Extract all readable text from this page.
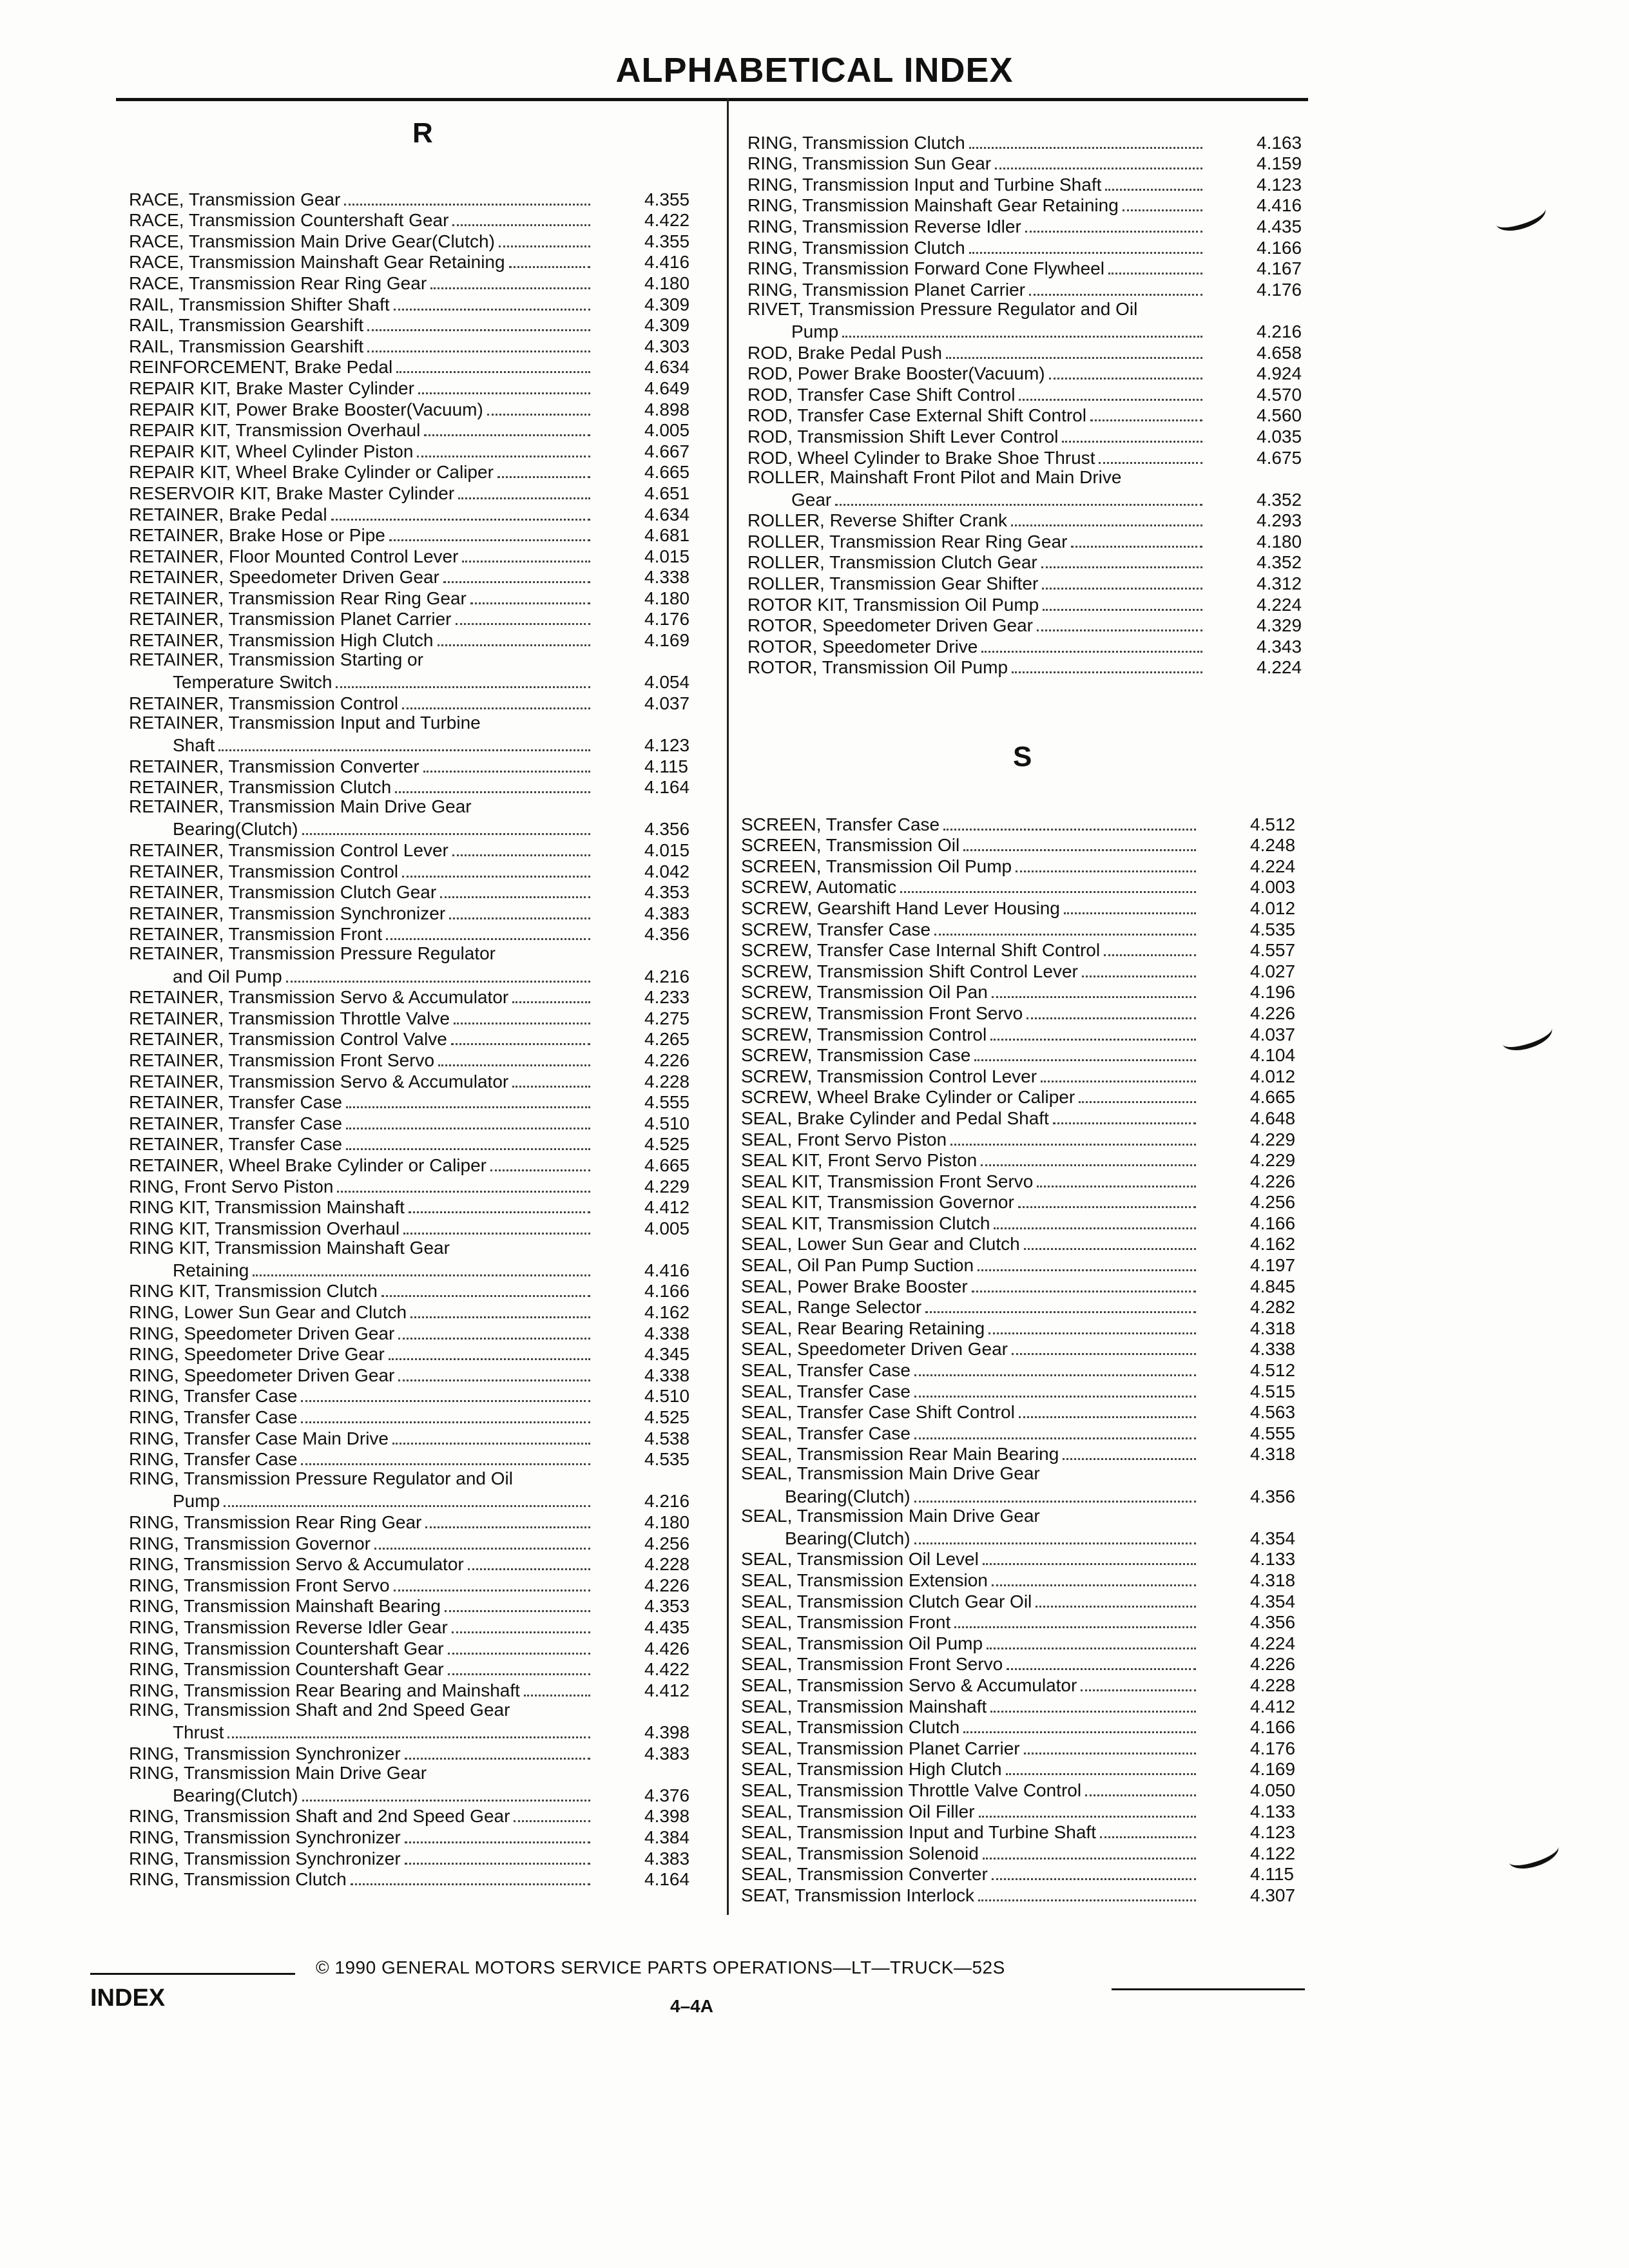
ALPHABETICAL INDEX
R
S
RACE, Transmission Gear	4.355
RACE, Transmission Countershaft Gear	4.422
RACE, Transmission Main Drive Gear(Clutch)	4.355
RACE, Transmission Mainshaft Gear Retaining	4.416
RACE, Transmission Rear Ring Gear	4.180
RAIL, Transmission Shifter Shaft	4.309
RAIL, Transmission Gearshift	4.309
RAIL, Transmission Gearshift	4.303
REINFORCEMENT, Brake Pedal	4.634
REPAIR KIT, Brake Master Cylinder	4.649
REPAIR KIT, Power Brake Booster(Vacuum)	4.898
REPAIR KIT, Transmission Overhaul	4.005
REPAIR KIT, Wheel Cylinder Piston	4.667
REPAIR KIT, Wheel Brake Cylinder or Caliper	4.665
RESERVOIR KIT, Brake Master Cylinder	4.651
RETAINER, Brake Pedal	4.634
RETAINER, Brake Hose or Pipe	4.681
RETAINER, Floor Mounted Control Lever	4.015
RETAINER, Speedometer Driven Gear	4.338
RETAINER, Transmission Rear Ring Gear	4.180
RETAINER, Transmission Planet Carrier	4.176
RETAINER, Transmission High Clutch	4.169
RETAINER, Transmission Starting or
Temperature Switch	4.054
RETAINER, Transmission Control	4.037
RETAINER, Transmission Input and Turbine
Shaft	4.123
RETAINER, Transmission Converter	4.115
RETAINER, Transmission Clutch	4.164
RETAINER, Transmission Main Drive Gear
Bearing(Clutch)	4.356
RETAINER, Transmission Control Lever	4.015
RETAINER, Transmission Control	4.042
RETAINER, Transmission Clutch Gear	4.353
RETAINER, Transmission Synchronizer	4.383
RETAINER, Transmission Front	4.356
RETAINER, Transmission Pressure Regulator
and Oil Pump	4.216
RETAINER, Transmission Servo & Accumulator	4.233
RETAINER, Transmission Throttle Valve	4.275
RETAINER, Transmission Control Valve	4.265
RETAINER, Transmission Front Servo	4.226
RETAINER, Transmission Servo & Accumulator	4.228
RETAINER, Transfer Case	4.555
RETAINER, Transfer Case	4.510
RETAINER, Transfer Case	4.525
RETAINER, Wheel Brake Cylinder or Caliper	4.665
RING, Front Servo Piston	4.229
RING KIT, Transmission Mainshaft	4.412
RING KIT, Transmission Overhaul	4.005
RING KIT, Transmission Mainshaft Gear
Retaining	4.416
RING KIT, Transmission Clutch	4.166
RING, Lower Sun Gear and Clutch	4.162
RING, Speedometer Driven Gear	4.338
RING, Speedometer Drive Gear	4.345
RING, Speedometer Driven Gear	4.338
RING, Transfer Case	4.510
RING, Transfer Case	4.525
RING, Transfer Case Main Drive	4.538
RING, Transfer Case	4.535
RING, Transmission Pressure Regulator and Oil
Pump	4.216
RING, Transmission Rear Ring Gear	4.180
RING, Transmission Governor	4.256
RING, Transmission Servo & Accumulator	4.228
RING, Transmission Front Servo	4.226
RING, Transmission Mainshaft Bearing	4.353
RING, Transmission Reverse Idler Gear	4.435
RING, Transmission Countershaft Gear	4.426
RING, Transmission Countershaft Gear	4.422
RING, Transmission Rear Bearing and Mainshaft	4.412
RING, Transmission Shaft and 2nd Speed Gear
Thrust	4.398
RING, Transmission Synchronizer	4.383
RING, Transmission Main Drive Gear
Bearing(Clutch)	4.376
RING, Transmission Shaft and 2nd Speed Gear	4.398
RING, Transmission Synchronizer	4.384
RING, Transmission Synchronizer	4.383
RING, Transmission Clutch	4.164
RING, Transmission Clutch	4.163
RING, Transmission Sun Gear	4.159
RING, Transmission Input and Turbine Shaft	4.123
RING, Transmission Mainshaft Gear Retaining	4.416
RING, Transmission Reverse Idler	4.435
RING, Transmission Clutch	4.166
RING, Transmission Forward Cone Flywheel	4.167
RING, Transmission Planet Carrier	4.176
RIVET, Transmission Pressure Regulator and Oil
Pump	4.216
ROD, Brake Pedal Push	4.658
ROD, Power Brake Booster(Vacuum)	4.924
ROD, Transfer Case Shift Control	4.570
ROD, Transfer Case External Shift Control	4.560
ROD, Transmission Shift Lever Control	4.035
ROD, Wheel Cylinder to Brake Shoe Thrust	4.675
ROLLER, Mainshaft Front Pilot and Main Drive
Gear	4.352
ROLLER, Reverse Shifter Crank	4.293
ROLLER, Transmission Rear Ring Gear	4.180
ROLLER, Transmission Clutch Gear	4.352
ROLLER, Transmission Gear Shifter	4.312
ROTOR KIT, Transmission Oil Pump	4.224
ROTOR, Speedometer Driven Gear	4.329
ROTOR, Speedometer Drive	4.343
ROTOR, Transmission Oil Pump	4.224
SCREEN, Transfer Case	4.512
SCREEN, Transmission Oil	4.248
SCREEN, Transmission Oil Pump	4.224
SCREW, Automatic	4.003
SCREW, Gearshift Hand Lever Housing	4.012
SCREW, Transfer Case	4.535
SCREW, Transfer Case Internal Shift Control	4.557
SCREW, Transmission Shift Control Lever	4.027
SCREW, Transmission Oil Pan	4.196
SCREW, Transmission Front Servo	4.226
SCREW, Transmission Control	4.037
SCREW, Transmission Case	4.104
SCREW, Transmission Control Lever	4.012
SCREW, Wheel Brake Cylinder or Caliper	4.665
SEAL, Brake Cylinder and Pedal Shaft	4.648
SEAL, Front Servo Piston	4.229
SEAL KIT, Front Servo Piston	4.229
SEAL KIT, Transmission Front Servo	4.226
SEAL KIT, Transmission Governor	4.256
SEAL KIT, Transmission Clutch	4.166
SEAL, Lower Sun Gear and Clutch	4.162
SEAL, Oil Pan Pump Suction	4.197
SEAL, Power Brake Booster	4.845
SEAL, Range Selector	4.282
SEAL, Rear Bearing Retaining	4.318
SEAL, Speedometer Driven Gear	4.338
SEAL, Transfer Case	4.512
SEAL, Transfer Case	4.515
SEAL, Transfer Case Shift Control	4.563
SEAL, Transfer Case	4.555
SEAL, Transmission Rear Main Bearing	4.318
SEAL, Transmission Main Drive Gear
Bearing(Clutch)	4.356
SEAL, Transmission Main Drive Gear
Bearing(Clutch)	4.354
SEAL, Transmission Oil Level	4.133
SEAL, Transmission Extension	4.318
SEAL, Transmission Clutch Gear Oil	4.354
SEAL, Transmission Front	4.356
SEAL, Transmission Oil Pump	4.224
SEAL, Transmission Front Servo	4.226
SEAL, Transmission Servo & Accumulator	4.228
SEAL, Transmission Mainshaft	4.412
SEAL, Transmission Clutch	4.166
SEAL, Transmission Planet Carrier	4.176
SEAL, Transmission High Clutch	4.169
SEAL, Transmission Throttle Valve Control	4.050
SEAL, Transmission Oil Filler	4.133
SEAL, Transmission Input and Turbine Shaft	4.123
SEAL, Transmission Solenoid	4.122
SEAL, Transmission Converter	4.115
SEAT, Transmission Interlock	4.307
© 1990 GENERAL MOTORS SERVICE PARTS OPERATIONS—LT—TRUCK—52S
INDEX	4–4A
